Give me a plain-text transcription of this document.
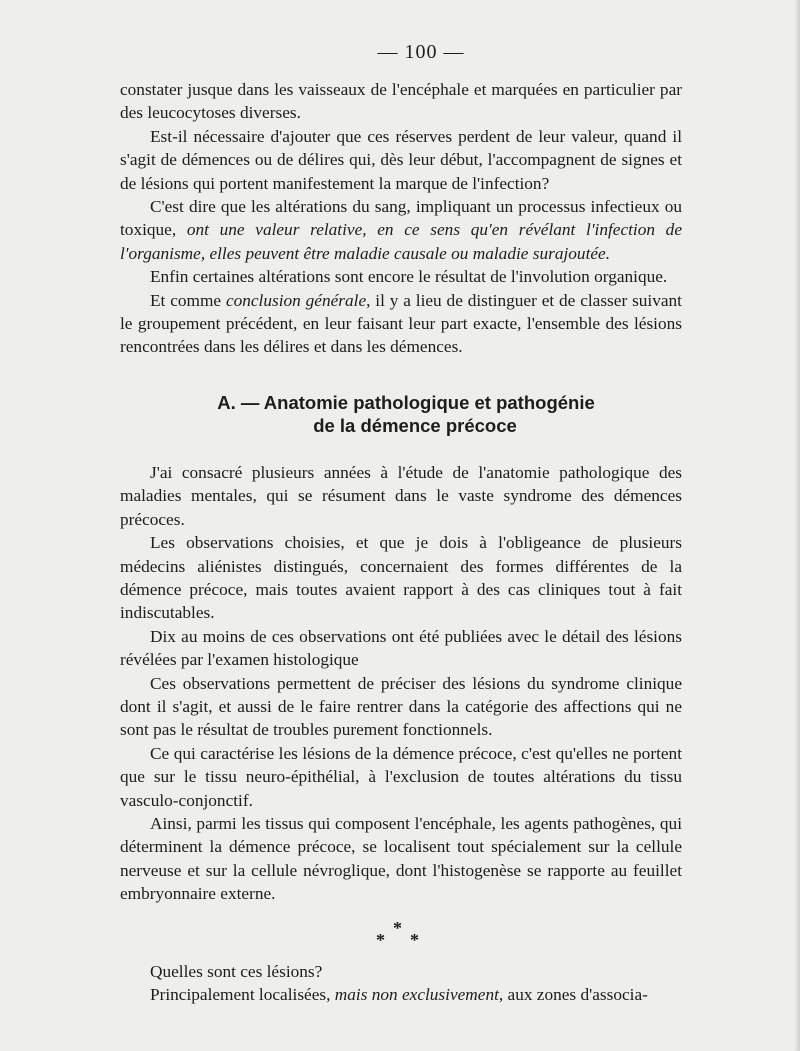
— 100 —

constater jusque dans les vaisseaux de l'encéphale et marquées en particulier par des leucocytoses diverses.

Est-il nécessaire d'ajouter que ces réserves perdent de leur valeur, quand il s'agit de démences ou de délires qui, dès leur début, l'accompagnent de signes et de lésions qui portent manifestement la marque de l'infection?

C'est dire que les altérations du sang, impliquant un processus infectieux ou toxique, ont une valeur relative, en ce sens qu'en révélant l'infection de l'organisme, elles peuvent être maladie causale ou maladie surajoutée.

Enfin certaines altérations sont encore le résultat de l'involution organique.

Et comme conclusion générale, il y a lieu de distinguer et de classer suivant le groupement précédent, en leur faisant leur part exacte, l'ensemble des lésions rencontrées dans les délires et dans les démences.

A. — Anatomie pathologique et pathogénie
de la démence précoce

J'ai consacré plusieurs années à l'étude de l'anatomie pathologique des maladies mentales, qui se résument dans le vaste syndrome des démences précoces.

Les observations choisies, et que je dois à l'obligeance de plusieurs médecins aliénistes distingués, concernaient des formes différentes de la démence précoce, mais toutes avaient rapport à des cas cliniques tout à fait indiscutables.

Dix au moins de ces observations ont été publiées avec le détail des lésions révélées par l'examen histologique

Ces observations permettent de préciser des lésions du syndrome clinique dont il s'agit, et aussi de le faire rentrer dans la catégorie des affections qui ne sont pas le résultat de troubles purement fonctionnels.

Ce qui caractérise les lésions de la démence précoce, c'est qu'elles ne portent que sur le tissu neuro-épithélial, à l'exclusion de toutes altérations du tissu vasculo-conjonctif.

Ainsi, parmi les tissus qui composent l'encéphale, les agents pathogènes, qui déterminent la démence précoce, se localisent tout spécialement sur la cellule nerveuse et sur la cellule névroglique, dont l'histogenèse se rapporte au feuillet embryonnaire externe.

*
*
*

Quelles sont ces lésions?

Principalement localisées, mais non exclusivement, aux zones d'associa-
